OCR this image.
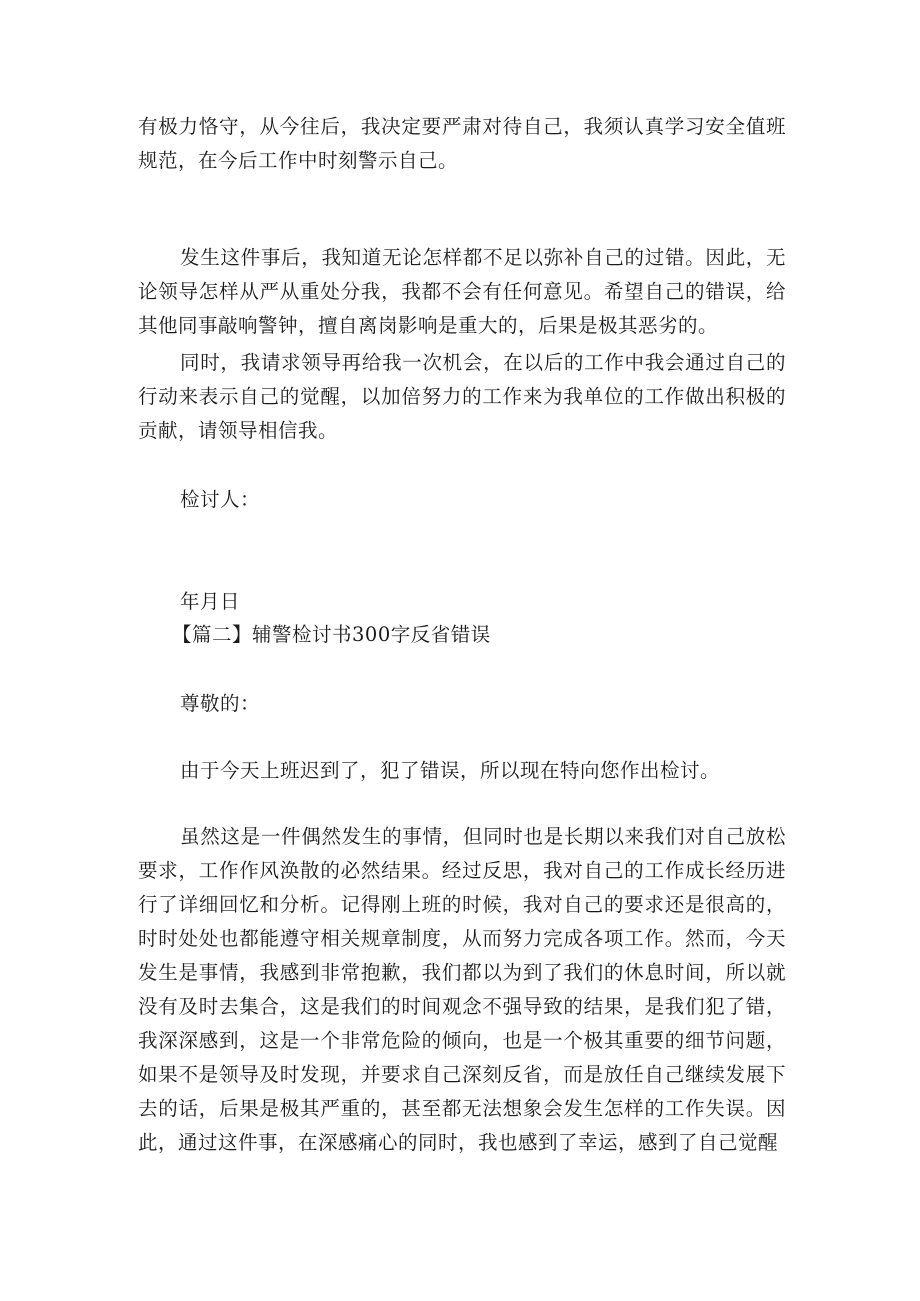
有极力恪守，从今往后，我决定要严肃对待自己，我须认真学习安全值班规范，在今后工作中时刻警示自己。

发生这件事后，我知道无论怎样都不足以弥补自己的过错。因此，无论领导怎样从严从重处分我，我都不会有任何意见。希望自己的错误，给其他同事敲响警钟，擅自离岗影响是重大的，后果是极其恶劣的。

同时，我请求领导再给我一次机会，在以后的工作中我会通过自己的行动来表示自己的觉醒，以加倍努力的工作来为我单位的工作做出积极的贡献，请领导相信我。

检讨人：

年月日

【篇二】辅警检讨书300字反省错误

尊敬的：

由于今天上班迟到了，犯了错误，所以现在特向您作出检讨。

虽然这是一件偶然发生的事情，但同时也是长期以来我们对自己放松要求，工作作风涣散的必然结果。经过反思，我对自己的工作成长经历进行了详细回忆和分析。记得刚上班的时候，我对自己的要求还是很高的，时时处处也都能遵守相关规章制度，从而努力完成各项工作。然而，今天发生是事情，我感到非常抱歉，我们都以为到了我们的休息时间，所以就没有及时去集合，这是我们的时间观念不强导致的结果，是我们犯了错，我深深感到，这是一个非常危险的倾向，也是一个极其重要的细节问题，如果不是领导及时发现，并要求自己深刻反省，而是放任自己继续发展下去的话，后果是极其严重的，甚至都无法想象会发生怎样的工作失误。因此，通过这件事，在深感痛心的同时，我也感到了幸运，感到了自己觉醒
